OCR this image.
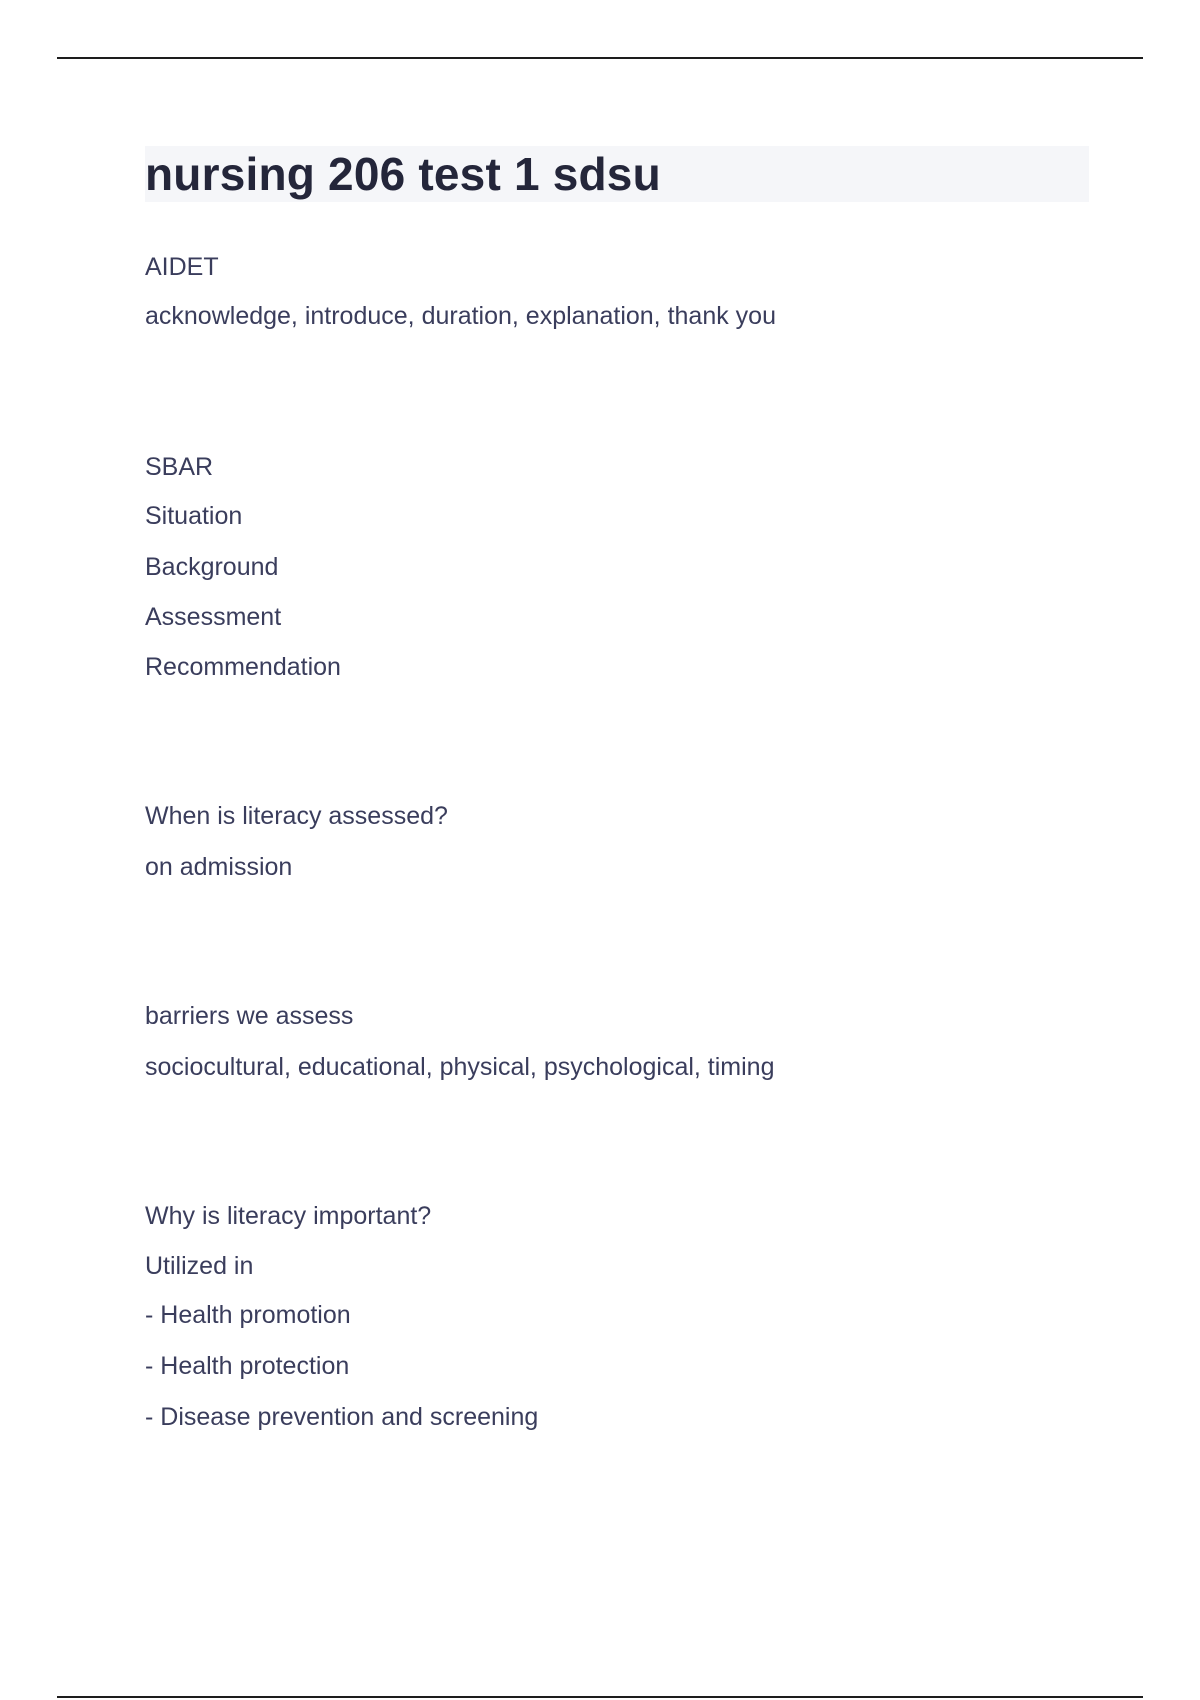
nursing 206 test 1 sdsu

AIDET

acknowledge, introduce, duration, explanation, thank you

SBAR

Situation

Background

Assessment

Recommendation

When is literacy assessed?

on admission

barriers we assess

sociocultural, educational, physical, psychological, timing

Why is literacy important?

Utilized in

- Health promotion

- Health protection

- Disease prevention and screening
